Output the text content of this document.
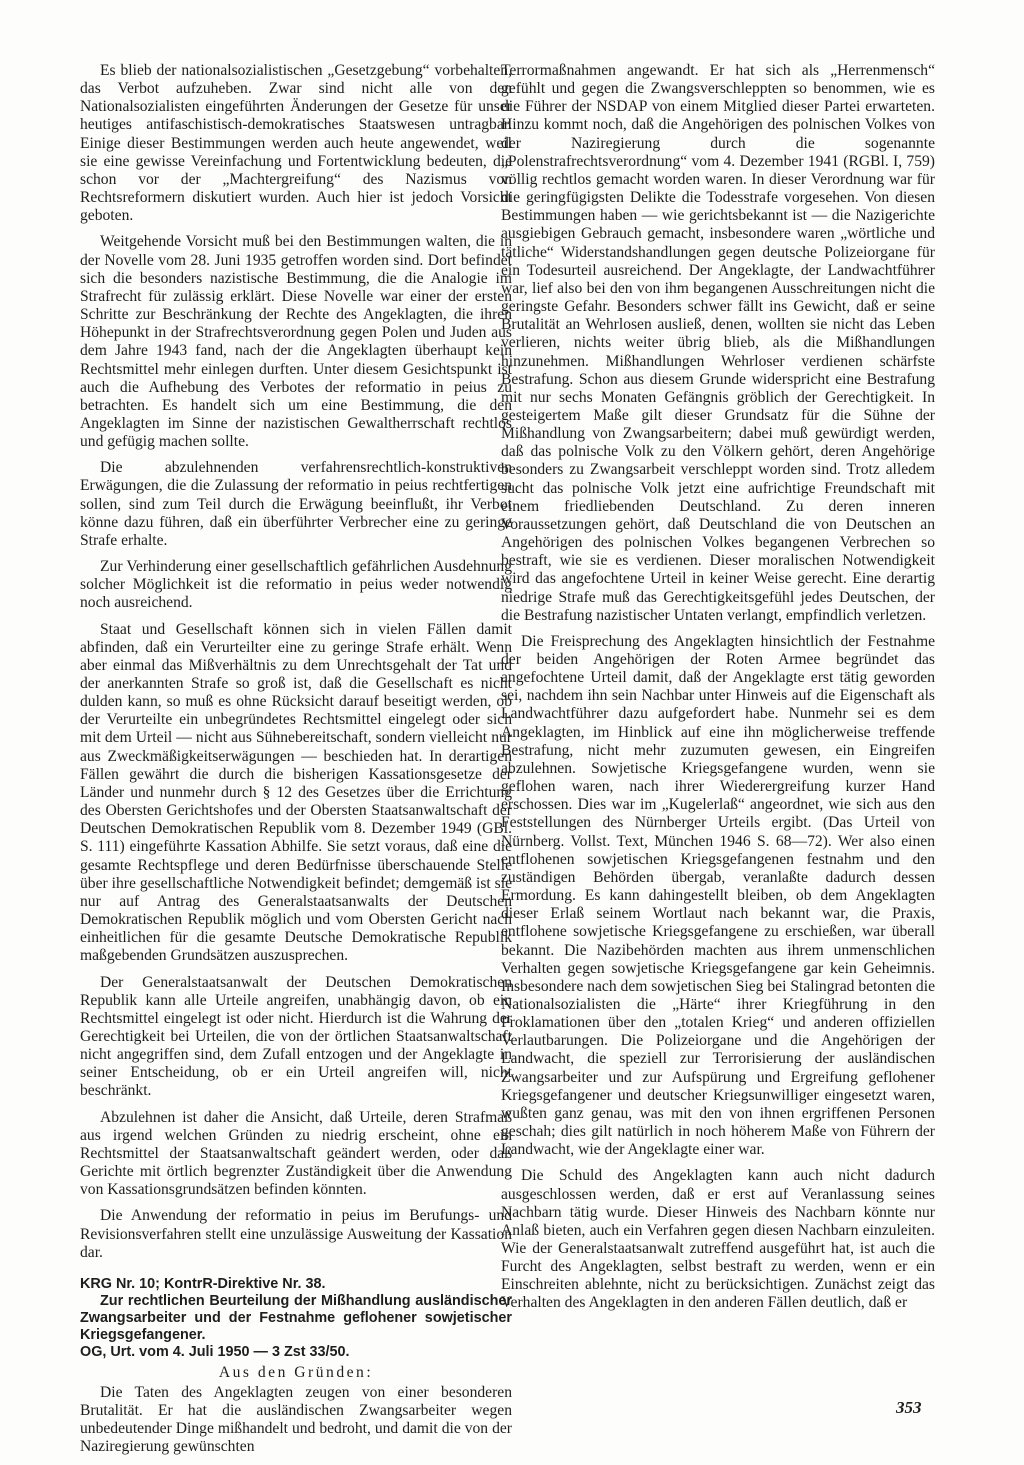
Es blieb der nationalsozialistischen „Gesetzgebung“ vorbehalten, das Verbot aufzuheben. Zwar sind nicht alle von den Nationalsozialisten eingeführten Änderungen der Gesetze für unser heutiges antifaschistisch-demokratisches Staatswesen untragbar. Einige dieser Bestimmungen werden auch heute angewendet, weil sie eine gewisse Vereinfachung und Fortentwicklung bedeuten, die schon vor der „Machtergreifung“ des Nazismus von Rechtsreformern diskutiert wurden. Auch hier ist jedoch Vorsicht geboten.

Weitgehende Vorsicht muß bei den Bestimmungen walten, die in der Novelle vom 28. Juni 1935 getroffen worden sind. Dort befindet sich die besonders nazistische Bestimmung, die die Analogie im Strafrecht für zulässig erklärt. Diese Novelle war einer der ersten Schritte zur Beschränkung der Rechte des Angeklagten, die ihren Höhepunkt in der Strafrechtsverordnung gegen Polen und Juden aus dem Jahre 1943 fand, nach der die Angeklagten überhaupt kein Rechtsmittel mehr einlegen durften. Unter diesem Gesichtspunkt ist auch die Aufhebung des Verbotes der reformatio in peius zu betrachten. Es handelt sich um eine Bestimmung, die den Angeklagten im Sinne der nazistischen Gewaltherrschaft rechtlos und gefügig machen sollte.

Die abzulehnenden verfahrensrechtlich-konstruktiven Erwägungen, die die Zulassung der reformatio in peius rechtfertigen sollen, sind zum Teil durch die Erwägung beeinflußt, ihr Verbot könne dazu führen, daß ein überführter Verbrecher eine zu geringe Strafe erhalte.

Zur Verhinderung einer gesellschaftlich gefährlichen Ausdehnung solcher Möglichkeit ist die reformatio in peius weder notwendig noch ausreichend.

Staat und Gesellschaft können sich in vielen Fällen damit abfinden, daß ein Verurteilter eine zu geringe Strafe erhält. Wenn aber einmal das Mißverhältnis zu dem Unrechtsgehalt der Tat und der anerkannten Strafe so groß ist, daß die Gesellschaft es nicht dulden kann, so muß es ohne Rücksicht darauf beseitigt werden, ob der Verurteilte ein unbegründetes Rechtsmittel eingelegt oder sich mit dem Urteil — nicht aus Sühnebereitschaft, sondern vielleicht nur aus Zweckmäßigkeitserwägungen — beschieden hat. In derartigen Fällen gewährt die durch die bisherigen Kassationsgesetze der Länder und nunmehr durch § 12 des Gesetzes über die Errichtung des Obersten Gerichtshofes und der Obersten Staatsanwaltschaft der Deutschen Demokratischen Republik vom 8. Dezember 1949 (GBl. S. 111) eingeführte Kassation Abhilfe. Sie setzt voraus, daß eine die gesamte Rechtspflege und deren Bedürfnisse überschauende Stelle über ihre gesellschaftliche Notwendigkeit befindet; demgemäß ist sie nur auf Antrag des Generalstaatsanwalts der Deutschen Demokratischen Republik möglich und vom Obersten Gericht nach einheitlichen für die gesamte Deutsche Demokratische Republik maßgebenden Grundsätzen auszusprechen.

Der Generalstaatsanwalt der Deutschen Demokratischen Republik kann alle Urteile angreifen, unabhängig davon, ob ein Rechtsmittel eingelegt ist oder nicht. Hierdurch ist die Wahrung der Gerechtigkeit bei Urteilen, die von der örtlichen Staatsanwaltschaft nicht angegriffen sind, dem Zufall entzogen und der Angeklagte in seiner Entscheidung, ob er ein Urteil angreifen will, nicht beschränkt.

Abzulehnen ist daher die Ansicht, daß Urteile, deren Strafmaß aus irgend welchen Gründen zu niedrig erscheint, ohne ein Rechtsmittel der Staatsanwaltschaft geändert werden, oder daß Gerichte mit örtlich begrenzter Zuständigkeit über die Anwendung von Kassationsgrundsätzen befinden könnten.

Die Anwendung der reformatio in peius im Berufungs- und Revisionsverfahren stellt eine unzulässige Ausweitung der Kassation dar.

KRG Nr. 10; KontrR-Direktive Nr. 38.
Zur rechtlichen Beurteilung der Mißhandlung ausländischer Zwangsarbeiter und der Festnahme geflohener sowjetischer Kriegsgefangener.
OG, Urt. vom 4. Juli 1950 — 3 Zst 33/50.
Aus den Gründen:

Die Taten des Angeklagten zeugen von einer besonderen Brutalität. Er hat die ausländischen Zwangsarbeiter wegen unbedeutender Dinge mißhandelt und bedroht, und damit die von der Naziregierung gewünschten

Terrormaßnahmen angewandt. Er hat sich als „Herrenmensch“ gefühlt und gegen die Zwangsverschleppten so benommen, wie es die Führer der NSDAP von einem Mitglied dieser Partei erwarteten. Hinzu kommt noch, daß die Angehörigen des polnischen Volkes von der Naziregierung durch die sogenannte „Polenstrafrechtsverordnung“ vom 4. Dezember 1941 (RGBl. I, 759) völlig rechtlos gemacht worden waren. In dieser Verordnung war für die geringfügigsten Delikte die Todesstrafe vorgesehen. Von diesen Bestimmungen haben — wie gerichtsbekannt ist — die Nazigerichte ausgiebigen Gebrauch gemacht, insbesondere waren „wörtliche und tätliche“ Widerstandshandlungen gegen deutsche Polizeiorgane für ein Todesurteil ausreichend. Der Angeklagte, der Landwachtführer war, lief also bei den von ihm begangenen Ausschreitungen nicht die geringste Gefahr. Besonders schwer fällt ins Gewicht, daß er seine Brutalität an Wehrlosen ausließ, denen, wollten sie nicht das Leben verlieren, nichts weiter übrig blieb, als die Mißhandlungen hinzunehmen. Mißhandlungen Wehrloser verdienen schärfste Bestrafung. Schon aus diesem Grunde widerspricht eine Bestrafung mit nur sechs Monaten Gefängnis gröblich der Gerechtigkeit. In gesteigertem Maße gilt dieser Grundsatz für die Sühne der Mißhandlung von Zwangsarbeitern; dabei muß gewürdigt werden, daß das polnische Volk zu den Völkern gehört, deren Angehörige besonders zu Zwangsarbeit verschleppt worden sind. Trotz alledem sucht das polnische Volk jetzt eine aufrichtige Freundschaft mit einem friedliebenden Deutschland. Zu deren inneren Voraussetzungen gehört, daß Deutschland die von Deutschen an Angehörigen des polnischen Volkes begangenen Verbrechen so bestraft, wie sie es verdienen. Dieser moralischen Notwendigkeit wird das angefochtene Urteil in keiner Weise gerecht. Eine derartig niedrige Strafe muß das Gerechtigkeitsgefühl jedes Deutschen, der die Bestrafung nazistischer Untaten verlangt, empfindlich verletzen.

Die Freisprechung des Angeklagten hinsichtlich der Festnahme der beiden Angehörigen der Roten Armee begründet das angefochtene Urteil damit, daß der Angeklagte erst tätig geworden sei, nachdem ihn sein Nachbar unter Hinweis auf die Eigenschaft als Landwachtführer dazu aufgefordert habe. Nunmehr sei es dem Angeklagten, im Hinblick auf eine ihn möglicherweise treffende Bestrafung, nicht mehr zuzumuten gewesen, ein Eingreifen abzulehnen. Sowjetische Kriegsgefangene wurden, wenn sie geflohen waren, nach ihrer Wiederergreifung kurzer Hand erschossen. Dies war im „Kugelerlaß“ angeordnet, wie sich aus den Feststellungen des Nürnberger Urteils ergibt. (Das Urteil von Nürnberg. Vollst. Text, München 1946 S. 68—72). Wer also einen entflohenen sowjetischen Kriegsgefangenen festnahm und den zuständigen Behörden übergab, veranlaßte dadurch dessen Ermordung. Es kann dahingestellt bleiben, ob dem Angeklagten dieser Erlaß seinem Wortlaut nach bekannt war, die Praxis, entflohene sowjetische Kriegsgefangene zu erschießen, war überall bekannt. Die Nazibehörden machten aus ihrem unmenschlichen Verhalten gegen sowjetische Kriegsgefangene gar kein Geheimnis. Insbesondere nach dem sowjetischen Sieg bei Stalingrad betonten die Nationalsozialisten die „Härte“ ihrer Kriegführung in den Proklamationen über den „totalen Krieg“ und anderen offiziellen Verlautbarungen. Die Polizeiorgane und die Angehörigen der Landwacht, die speziell zur Terrorisierung der ausländischen Zwangsarbeiter und zur Aufspürung und Ergreifung geflohener Kriegsgefangener und deutscher Kriegsunwilliger eingesetzt waren, wußten ganz genau, was mit den von ihnen ergriffenen Personen geschah; dies gilt natürlich in noch höherem Maße von Führern der Landwacht, wie der Angeklagte einer war.

Die Schuld des Angeklagten kann auch nicht dadurch ausgeschlossen werden, daß er erst auf Veranlassung seines Nachbarn tätig wurde. Dieser Hinweis des Nachbarn könnte nur Anlaß bieten, auch ein Verfahren gegen diesen Nachbarn einzuleiten. Wie der Generalstaatsanwalt zutreffend ausgeführt hat, ist auch die Furcht des Angeklagten, selbst bestraft zu werden, wenn er ein Einschreiten ablehnte, nicht zu berücksichtigen. Zunächst zeigt das Verhalten des Angeklagten in den anderen Fällen deutlich, daß er

353
